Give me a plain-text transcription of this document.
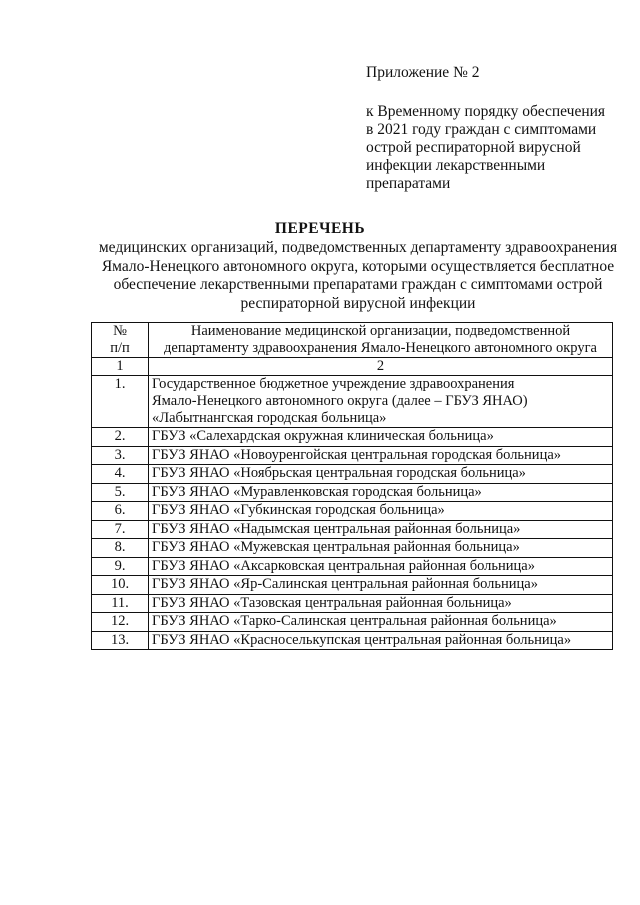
Приложение № 2
к Временному порядку обеспечения
в 2021 году граждан с симптомами
острой респираторной вирусной
инфекции лекарственными
препаратами
ПЕРЕЧЕНЬ
медицинских организаций, подведомственных департаменту здравоохранения
Ямало-Ненецкого автономного округа, которыми осуществляется бесплатное
обеспечение лекарственными препаратами граждан с симптомами острой
респираторной вирусной инфекции
№
п/п	Наименование медицинской организации, подведомственной
департаменту здравоохранения Ямало-Ненецкого автономного округа
1	2
1.	Государственное бюджетное учреждение здравоохранения
Ямало-Ненецкого автономного округа (далее – ГБУЗ ЯНАО)
«Лабытнангская городская больница»
2.	ГБУЗ «Салехардская окружная клиническая больница»
3.	ГБУЗ ЯНАО «Новоуренгойская центральная городская больница»
4.	ГБУЗ ЯНАО «Ноябрьская центральная городская больница»
5.	ГБУЗ ЯНАО «Муравленковская городская больница»
6.	ГБУЗ ЯНАО «Губкинская городская больница»
7.	ГБУЗ ЯНАО «Надымская центральная районная больница»
8.	ГБУЗ ЯНАО «Мужевская центральная районная больница»
9.	ГБУЗ ЯНАО «Аксарковская центральная районная больница»
10.	ГБУЗ ЯНАО «Яр-Салинская центральная районная больница»
11.	ГБУЗ ЯНАО «Тазовская центральная районная больница»
12.	ГБУЗ ЯНАО «Тарко-Салинская центральная районная больница»
13.	ГБУЗ ЯНАО «Красноселькупская центральная районная больница»
